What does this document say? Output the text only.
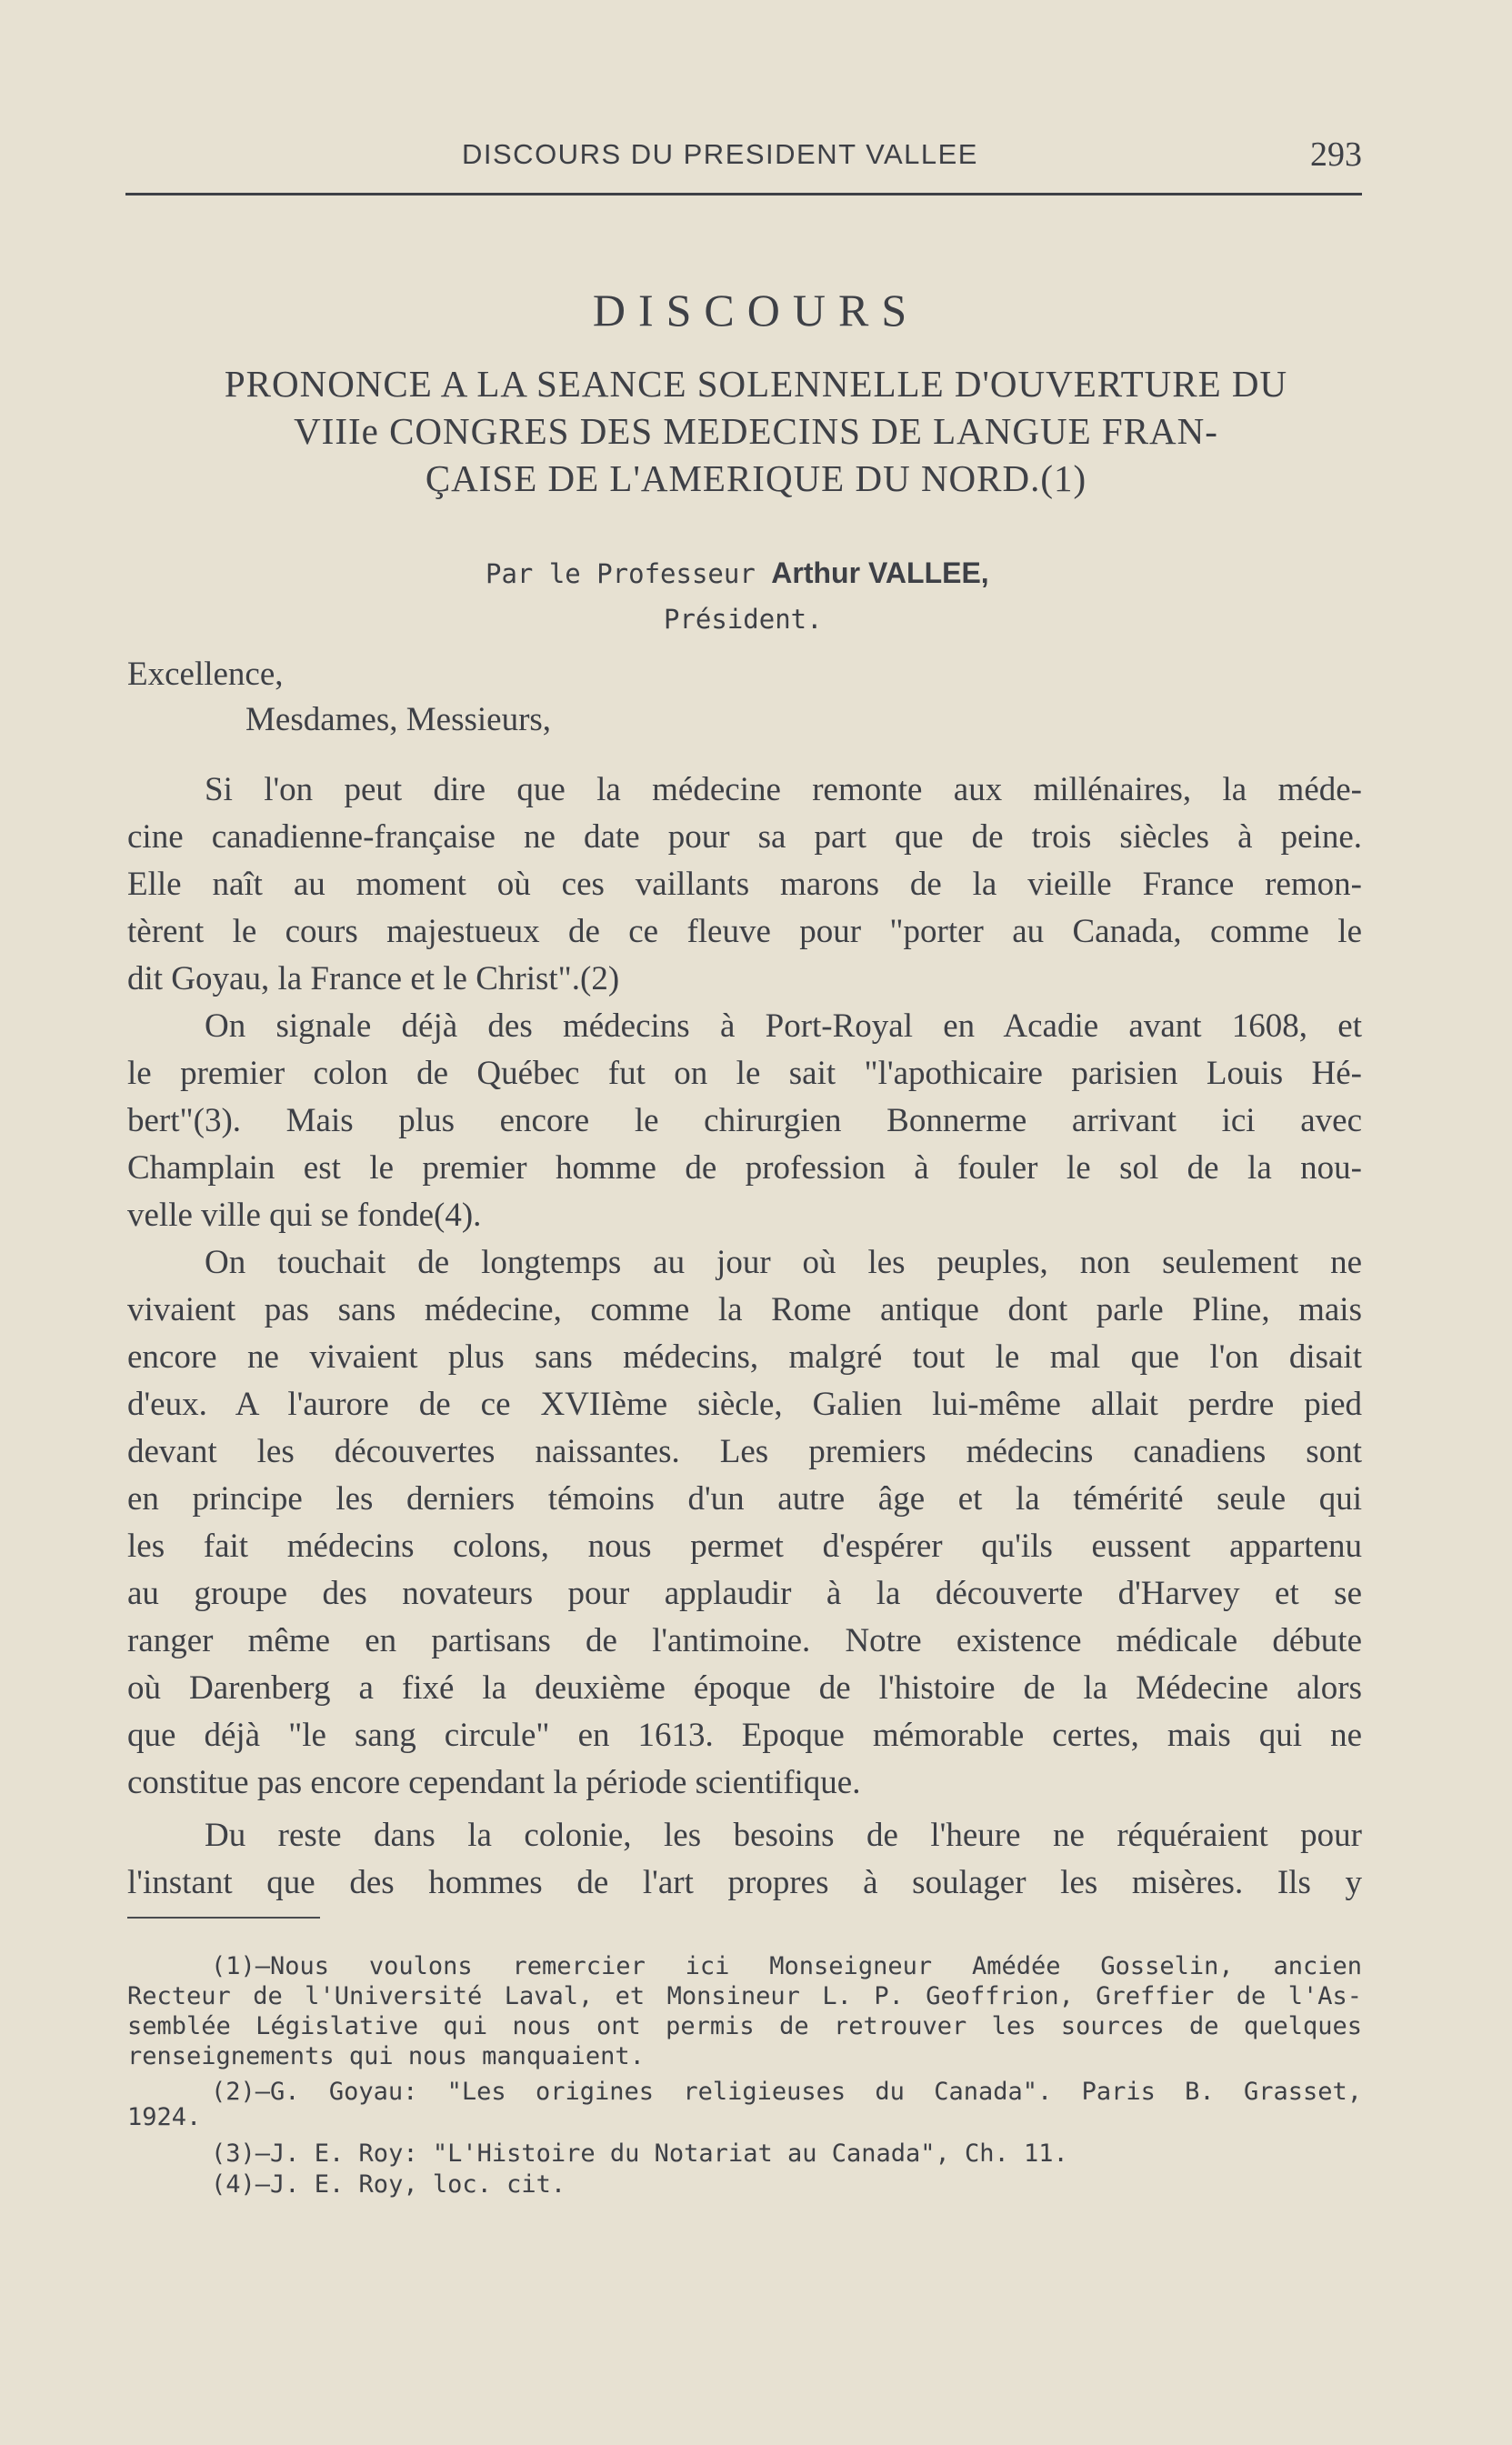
DISCOURS DU PRESIDENT VALLEE	293
DISCOURS
PRONONCE A LA SEANCE SOLENNELLE D'OUVERTURE DU
VIIIe CONGRES DES MEDECINS DE LANGUE FRAN-
ÇAISE DE L'AMERIQUE DU NORD.(1)
Par le Professeur Arthur VALLEE,
Président.
Excellence,
Mesdames, Messieurs,
Si l'on peut dire que la médecine remonte aux millénaires, la méde-
cine canadienne-française ne date pour sa part que de trois siècles à peine.
Elle naît au moment où ces vaillants marons de la vieille France remon-
tèrent le cours majestueux de ce fleuve pour "porter au Canada, comme le
dit Goyau, la France et le Christ".(2)
On signale déjà des médecins à Port-Royal en Acadie avant 1608, et
le premier colon de Québec fut on le sait "l'apothicaire parisien Louis Hé-
bert"(3). Mais plus encore le chirurgien Bonnerme arrivant ici avec
Champlain est le premier homme de profession à fouler le sol de la nou-
velle ville qui se fonde(4).
On touchait de longtemps au jour où les peuples, non seulement ne
vivaient pas sans médecine, comme la Rome antique dont parle Pline, mais
encore ne vivaient plus sans médecins, malgré tout le mal que l'on disait
d'eux. A l'aurore de ce XVIIème siècle, Galien lui-même allait perdre pied
devant les découvertes naissantes. Les premiers médecins canadiens sont
en principe les derniers témoins d'un autre âge et la témérité seule qui
les fait médecins colons, nous permet d'espérer qu'ils eussent appartenu
au groupe des novateurs pour applaudir à la découverte d'Harvey et se
ranger même en partisans de l'antimoine. Notre existence médicale débute
où Darenberg a fixé la deuxième époque de l'histoire de la Médecine alors
que déjà "le sang circule" en 1613. Epoque mémorable certes, mais qui ne
constitue pas encore cependant la période scientifique.
Du reste dans la colonie, les besoins de l'heure ne réquéraient pour
l'instant que des hommes de l'art propres à soulager les misères. Ils y
(1)—Nous voulons remercier ici Monseigneur Amédée Gosselin, ancien
Recteur de l'Université Laval, et Monsineur L. P. Geoffrion, Greffier de l'As-
semblée Législative qui nous ont permis de retrouver les sources de quelques
renseignements qui nous manquaient.
(2)—G. Goyau: "Les origines religieuses du Canada". Paris B. Grasset,
1924.
(3)—J. E. Roy: "L'Histoire du Notariat au Canada", Ch. 11.
(4)—J. E. Roy, loc. cit.
